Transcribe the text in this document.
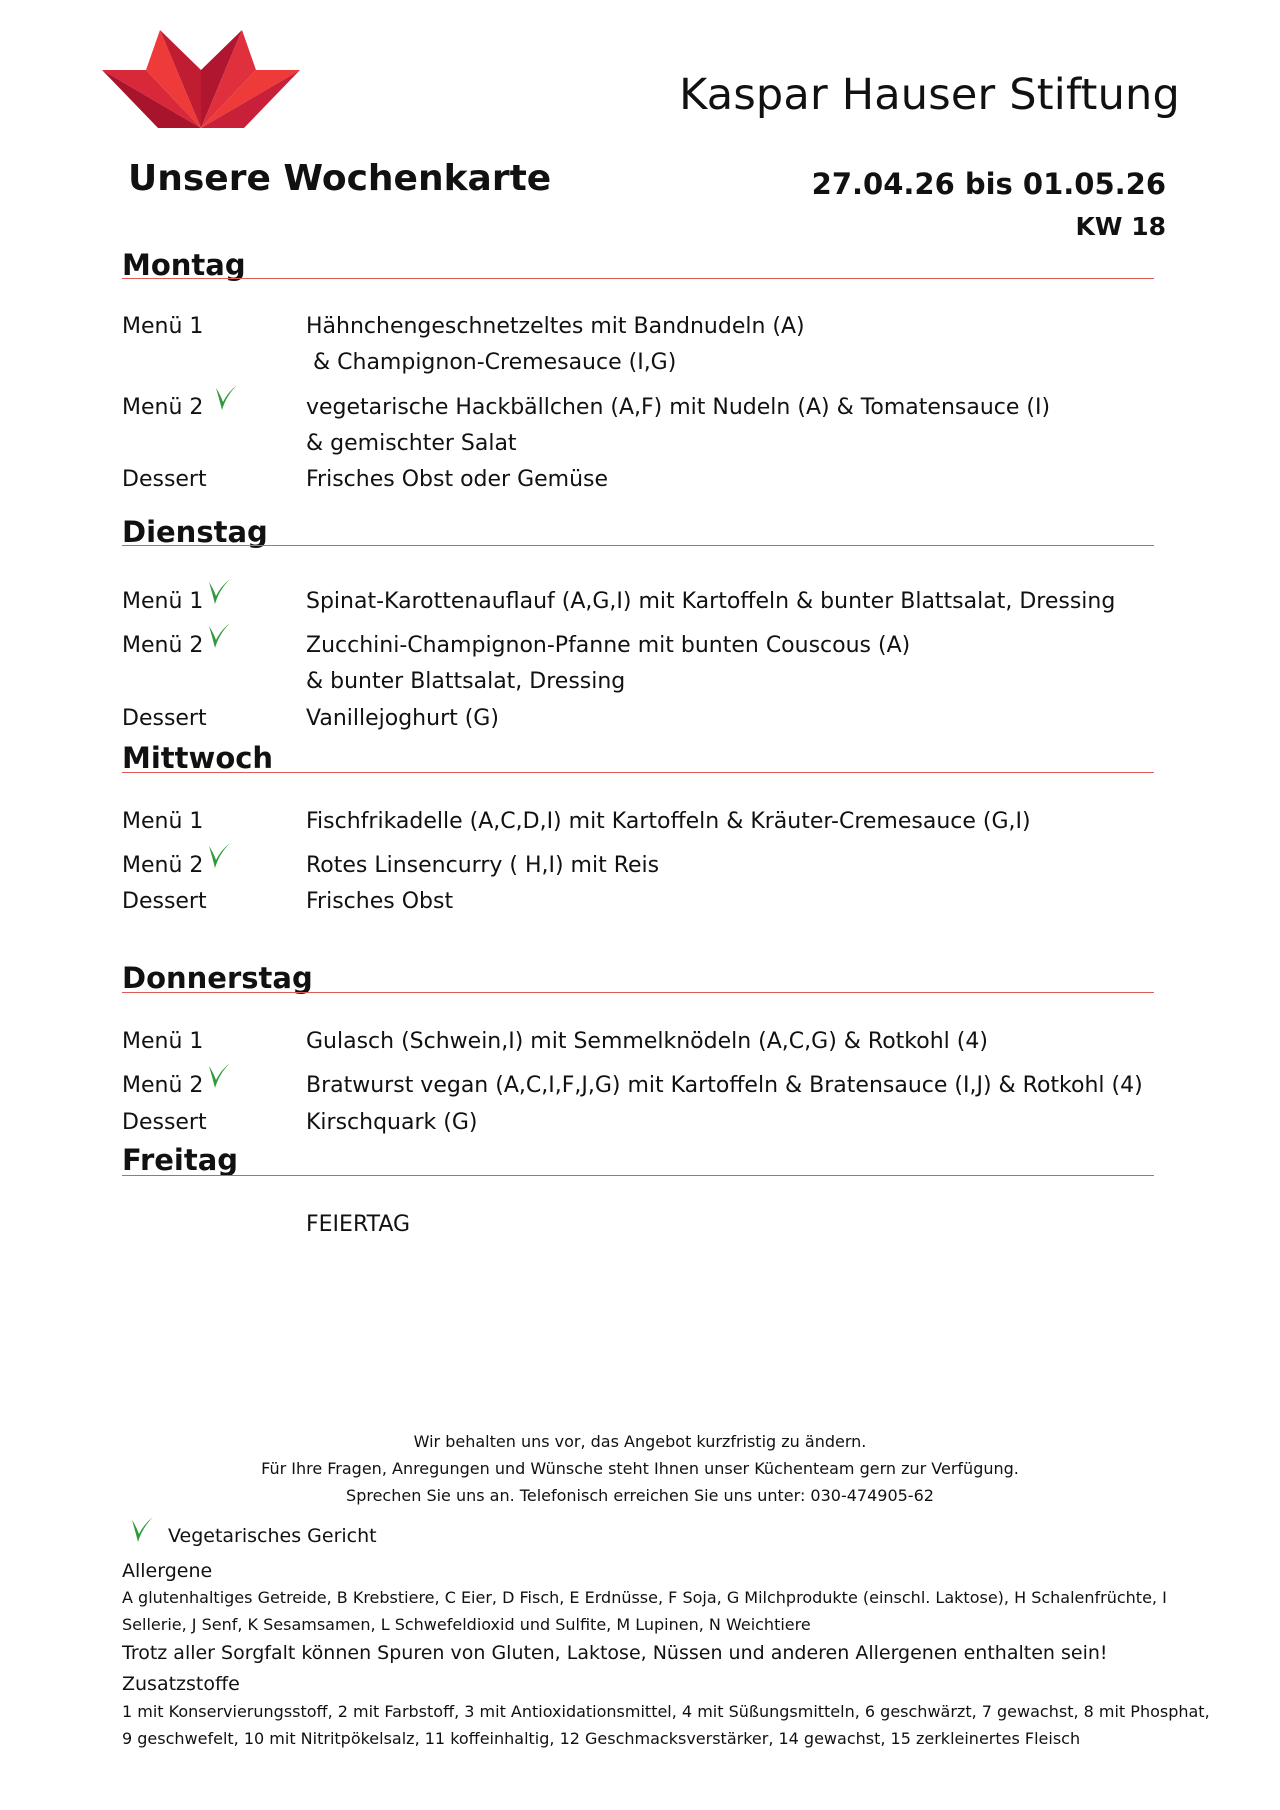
Kaspar Hauser Stiftung
Unsere Wochenkarte	27.04.26 bis 01.05.26
KW 18
Montag
Menü 1	Hähnchengeschnetzeltes mit Bandnudeln (A)
& Champignon-Cremesauce (I,G)
Menü 2	vegetarische Hackbällchen (A,F) mit Nudeln (A) & Tomatensauce (I)
& gemischter Salat
Dessert	Frisches Obst oder Gemüse
Dienstag
Menü 1	Spinat-Karottenauflauf (A,G,I) mit Kartoffeln & bunter Blattsalat, Dressing
Menü 2	Zucchini-Champignon-Pfanne mit bunten Couscous (A)
& bunter Blattsalat, Dressing
Dessert	Vanillejoghurt (G)
Mittwoch
Menü 1	Fischfrikadelle (A,C,D,I) mit Kartoffeln & Kräuter-Cremesauce (G,I)
Menü 2	Rotes Linsencurry ( H,I) mit Reis
Dessert	Frisches Obst
Donnerstag
Menü 1	Gulasch (Schwein,I) mit Semmelknödeln (A,C,G) & Rotkohl (4)
Menü 2	Bratwurst vegan (A,C,I,F,J,G) mit Kartoffeln & Bratensauce (I,J) & Rotkohl (4)
Dessert	Kirschquark (G)
Freitag
FEIERTAG
Wir behalten uns vor, das Angebot kurzfristig zu ändern.
Für Ihre Fragen, Anregungen und Wünsche steht Ihnen unser Küchenteam gern zur Verfügung.
Sprechen Sie uns an. Telefonisch erreichen Sie uns unter: 030-474905-62
Vegetarisches Gericht
Allergene
A glutenhaltiges Getreide, B Krebstiere, C Eier, D Fisch, E Erdnüsse, F Soja, G Milchprodukte (einschl. Laktose), H Schalenfrüchte, I
Sellerie, J Senf, K Sesamsamen, L Schwefeldioxid und Sulfite, M Lupinen, N Weichtiere
Trotz aller Sorgfalt können Spuren von Gluten, Laktose, Nüssen und anderen Allergenen enthalten sein!
Zusatzstoffe
1 mit Konservierungsstoff, 2 mit Farbstoff, 3 mit Antioxidationsmittel, 4 mit Süßungsmitteln, 6 geschwärzt, 7 gewachst, 8 mit Phosphat,
9 geschwefelt, 10 mit Nitritpökelsalz, 11 koffeinhaltig, 12 Geschmacksverstärker, 14 gewachst, 15 zerkleinertes Fleisch
